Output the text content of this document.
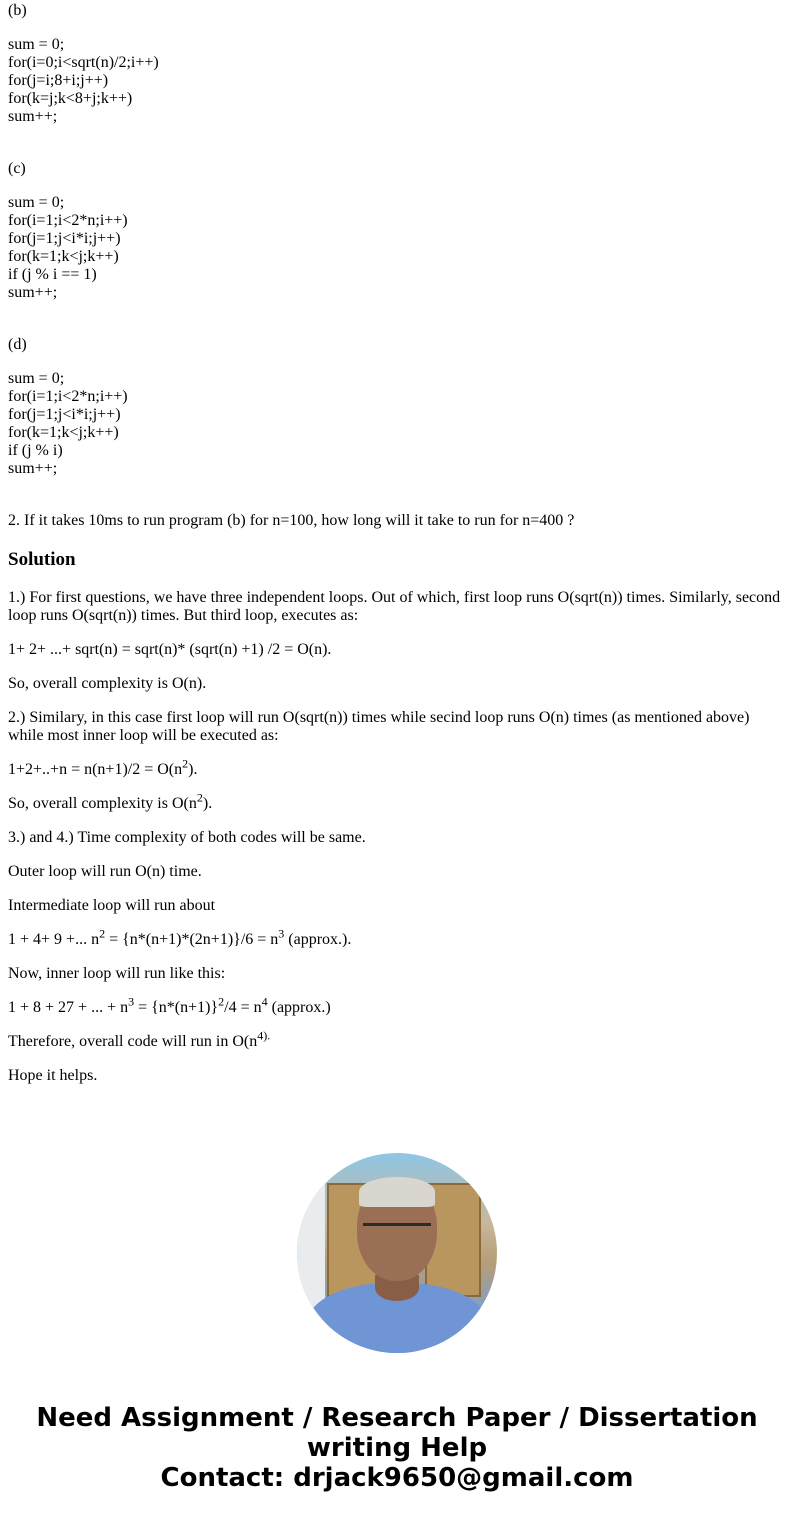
(b)
sum = 0;
for(i=0;i<sqrt(n)/2;i++)
for(j=i;8+i;j++)
for(k=j;k<8+j;k++)
sum++;
(c)
sum = 0;
for(i=1;i<2*n;i++)
for(j=1;j<i*i;j++)
for(k=1;k<j;k++)
if (j % i == 1)
sum++;
(d)
sum = 0;
for(i=1;i<2*n;i++)
for(j=1;j<i*i;j++)
for(k=1;k<j;k++)
if (j % i)
sum++;
2. If it takes 10ms to run program (b) for n=100, how long will it take to run for n=400 ?
Solution

1.) For first questions, we have three independent loops. Out of which, first loop runs O(sqrt(n)) times. Similarly, second loop runs O(sqrt(n)) times. But third loop, executes as:

1+ 2+ ...+ sqrt(n) = sqrt(n)* (sqrt(n) +1) /2 = O(n).

So, overall complexity is O(n).

2.) Similary, in this case first loop will run O(sqrt(n)) times while secind loop runs O(n) times (as mentioned above) while most inner loop will be executed as:

$1+2+..+n = n(n+1)/2 = O(n^2)$.

So, overall complexity is $O(n^2)$.

3.) and 4.) Time complexity of both codes will be same.

Outer loop will run O(n) time.

Intermediate loop will run about

1 + 4+ 9 +... $n^2 = \{n*(n+1)*(2n+1)\}/6 = n^3$ (approx.).

Now, inner loop will run like this:

1 + 8 + 27 + ... + $n^3 = \{n*(n+1)\}^2/4 = n^4$ (approx.)

Therefore, overall code will run in $O(n^{4).}$

Hope it helps.

Need Assignment / Research Paper / Dissertation
writing Help
Contact: drjack9650@gmail.com
